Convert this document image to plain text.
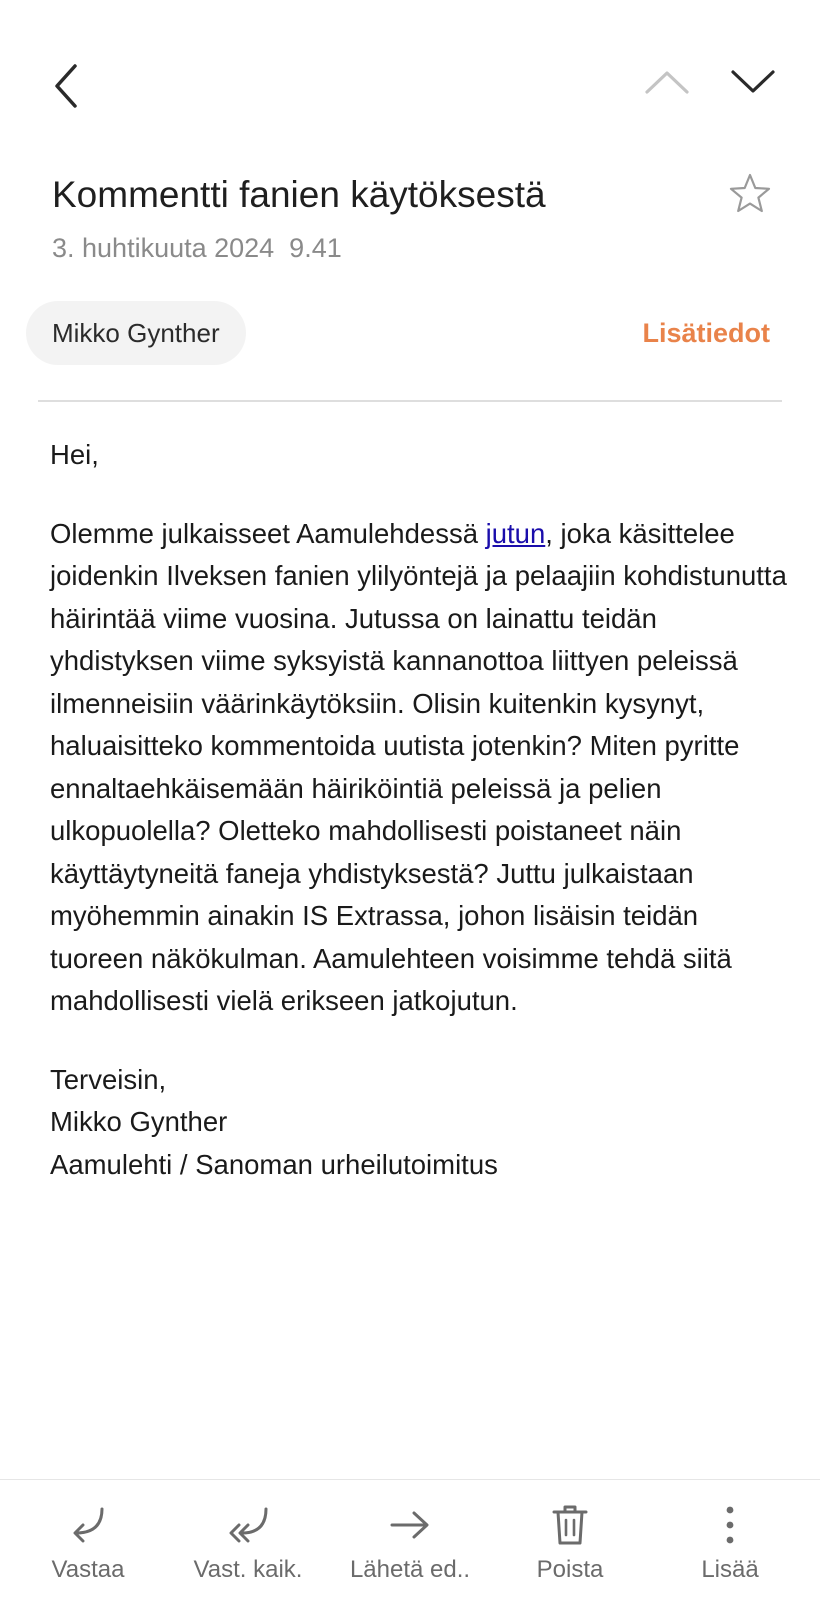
Kommentti fanien käytöksestä
3. huhtikuuta 2024  9.41
Mikko Gynther	Lisätiedot

Hei,

Olemme julkaisseet Aamulehdessä jutun, joka käsittelee joidenkin Ilveksen fanien ylilyöntejä ja pelaajiin kohdistunutta häirintää viime vuosina. Jutussa on lainattu teidän yhdistyksen viime syksyistä kannanottoa liittyen peleissä ilmenneisiin väärinkäytöksiin. Olisin kuitenkin kysynyt, haluaisitteko kommentoida uutista jotenkin? Miten pyritte ennaltaehkäisemään häiriköintiä peleissä ja pelien ulkopuolella? Oletteko mahdollisesti poistaneet näin käyttäytyneitä faneja yhdistyksestä? Juttu julkaistaan myöhemmin ainakin IS Extrassa, johon lisäisin teidän tuoreen näkökulman. Aamulehteen voisimme tehdä siitä mahdollisesti vielä erikseen jatkojutun.

Terveisin,

Mikko Gynther

Aamulehti / Sanoman urheilutoimitus

Vastaa	Vast. kaik. Lähetä ed..	Poista	Lisää
